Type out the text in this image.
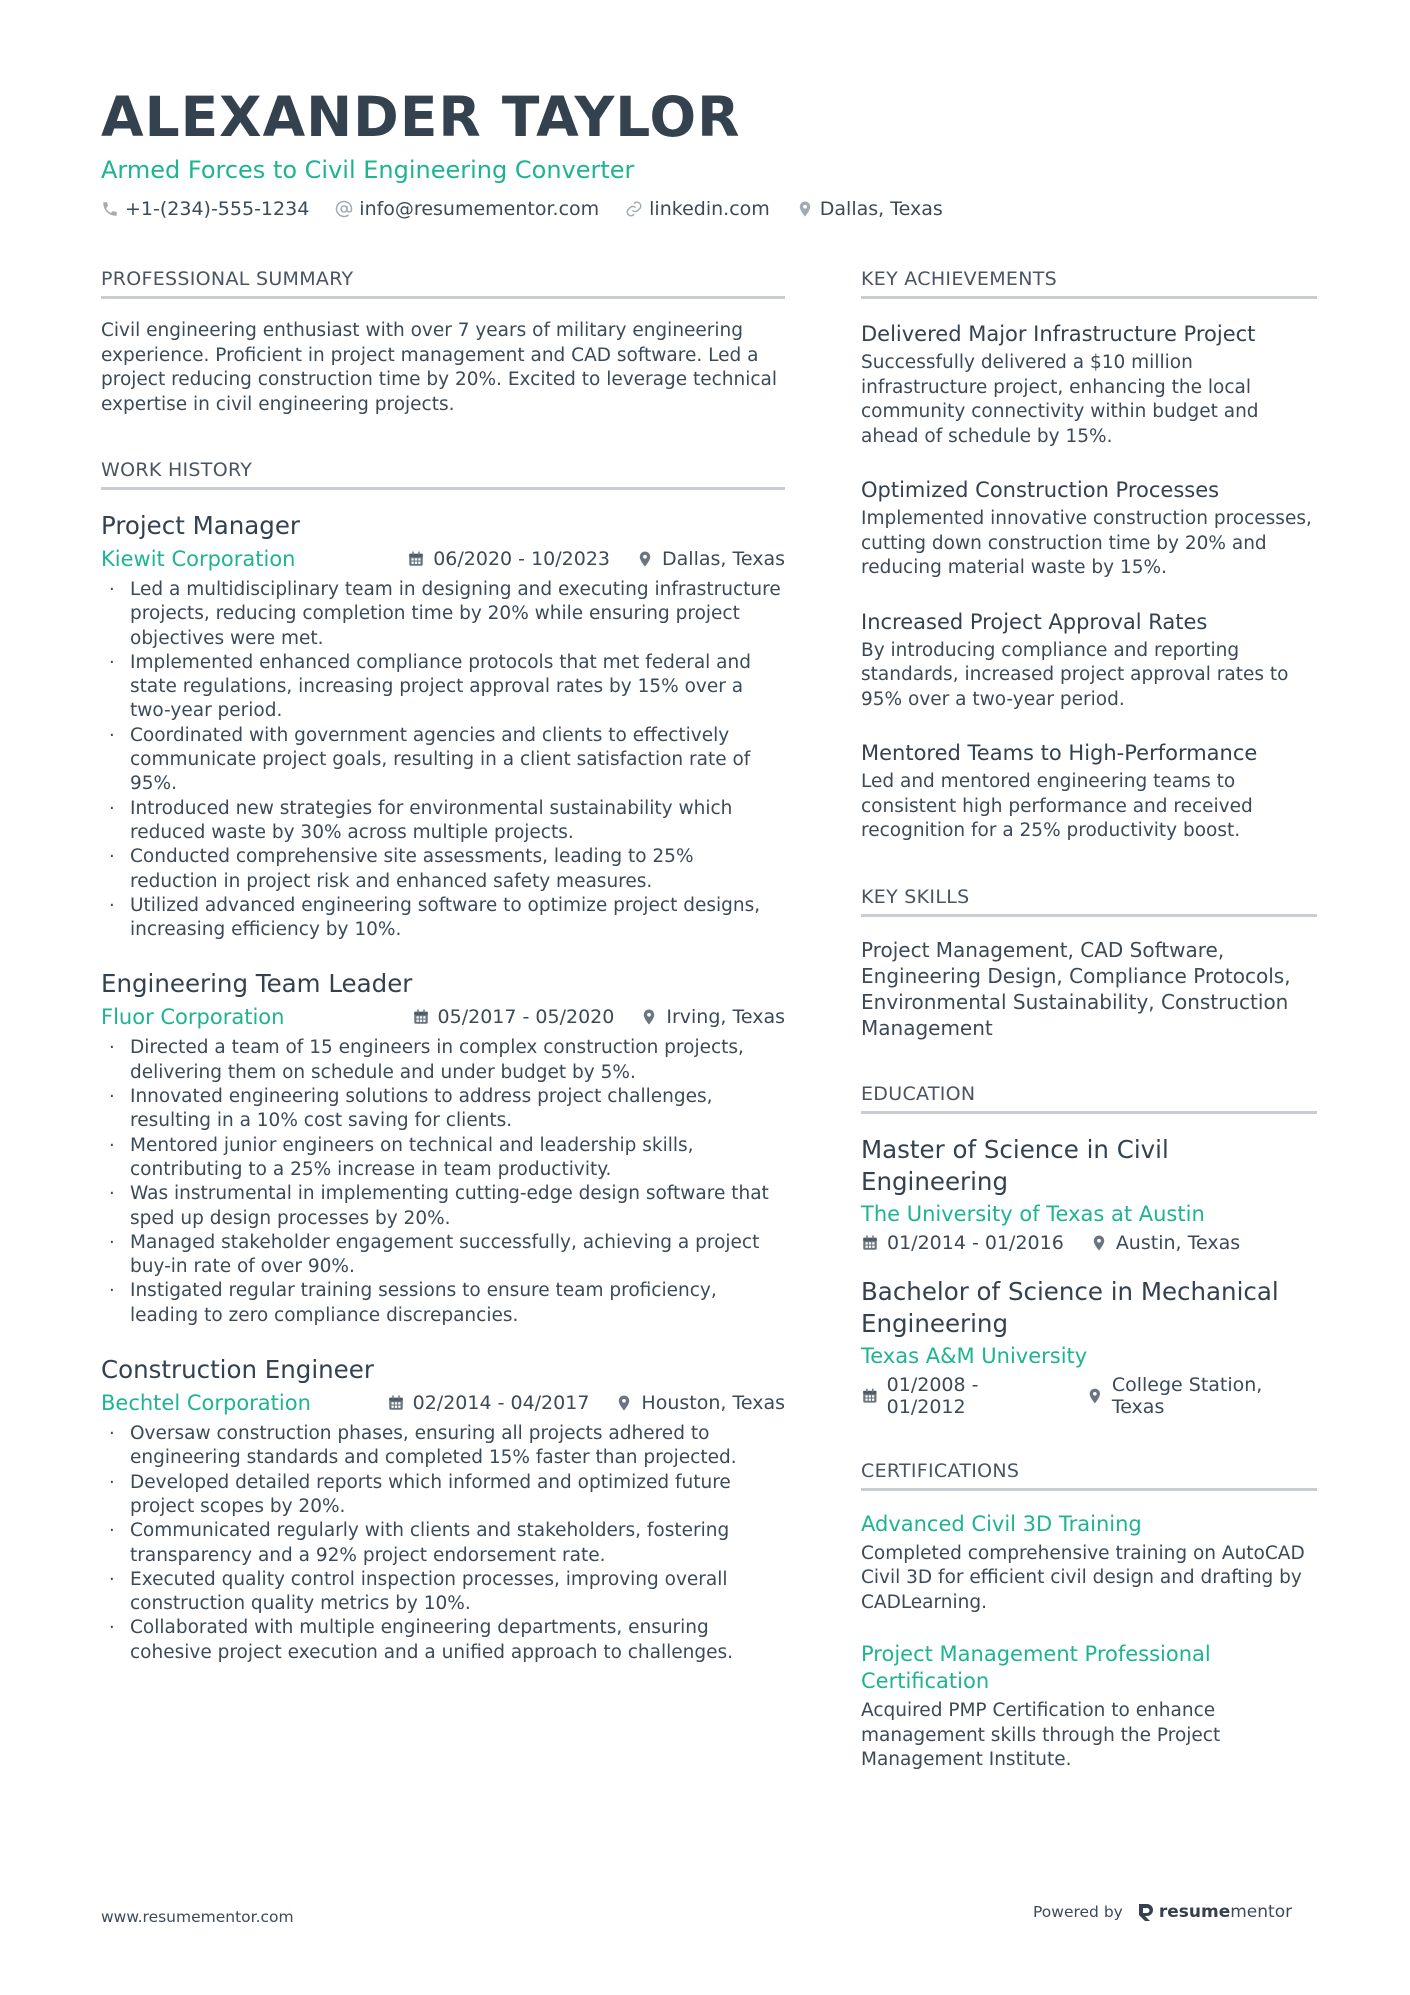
ALEXANDER TAYLOR
Armed Forces to Civil Engineering Converter
+1-(234)-555-1234	info@resumementor.com	linkedin.com	Dallas, Texas
PROFESSIONAL SUMMARY
Civil engineering enthusiast with over 7 years of military engineering experience. Proficient in project management and CAD software. Led a project reducing construction time by 20%. Excited to leverage technical expertise in civil engineering projects.
WORK HISTORY
Project Manager
Kiewit Corporation	06/2020 - 10/2023	Dallas, Texas
· Led a multidisciplinary team in designing and executing infrastructure projects, reducing completion time by 20% while ensuring project objectives were met.
· Implemented enhanced compliance protocols that met federal and state regulations, increasing project approval rates by 15% over a two-year period.
· Coordinated with government agencies and clients to effectively communicate project goals, resulting in a client satisfaction rate of 95%.
· Introduced new strategies for environmental sustainability which reduced waste by 30% across multiple projects.
· Conducted comprehensive site assessments, leading to 25% reduction in project risk and enhanced safety measures.
· Utilized advanced engineering software to optimize project designs, increasing efficiency by 10%.
Engineering Team Leader
Fluor Corporation	05/2017 - 05/2020	Irving, Texas
· Directed a team of 15 engineers in complex construction projects, delivering them on schedule and under budget by 5%.
· Innovated engineering solutions to address project challenges, resulting in a 10% cost saving for clients.
· Mentored junior engineers on technical and leadership skills, contributing to a 25% increase in team productivity.
· Was instrumental in implementing cutting-edge design software that sped up design processes by 20%.
· Managed stakeholder engagement successfully, achieving a project buy-in rate of over 90%.
· Instigated regular training sessions to ensure team proficiency, leading to zero compliance discrepancies.
Construction Engineer
Bechtel Corporation	02/2014 - 04/2017	Houston, Texas
· Oversaw construction phases, ensuring all projects adhered to engineering standards and completed 15% faster than projected.
· Developed detailed reports which informed and optimized future project scopes by 20%.
· Communicated regularly with clients and stakeholders, fostering transparency and a 92% project endorsement rate.
· Executed quality control inspection processes, improving overall construction quality metrics by 10%.
· Collaborated with multiple engineering departments, ensuring cohesive project execution and a unified approach to challenges.
KEY ACHIEVEMENTS
Delivered Major Infrastructure Project
Successfully delivered a $10 million infrastructure project, enhancing the local community connectivity within budget and ahead of schedule by 15%.
Optimized Construction Processes
Implemented innovative construction processes, cutting down construction time by 20% and reducing material waste by 15%.
Increased Project Approval Rates
By introducing compliance and reporting standards, increased project approval rates to 95% over a two-year period.
Mentored Teams to High-Performance
Led and mentored engineering teams to consistent high performance and received recognition for a 25% productivity boost.
KEY SKILLS
Project Management, CAD Software, Engineering Design, Compliance Protocols, Environmental Sustainability, Construction Management
EDUCATION
Master of Science in Civil Engineering
The University of Texas at Austin
01/2014 - 01/2016	Austin, Texas
Bachelor of Science in Mechanical Engineering
Texas A&M University
01/2008 - 01/2012
College Station, Texas
CERTIFICATIONS
Advanced Civil 3D Training
Completed comprehensive training on AutoCAD Civil 3D for efficient civil design and drafting by CADLearning.
Project Management Professional Certification
Acquired PMP Certification to enhance management skills through the Project Management Institute.
www.resumementor.com	Powered by resume mentor
